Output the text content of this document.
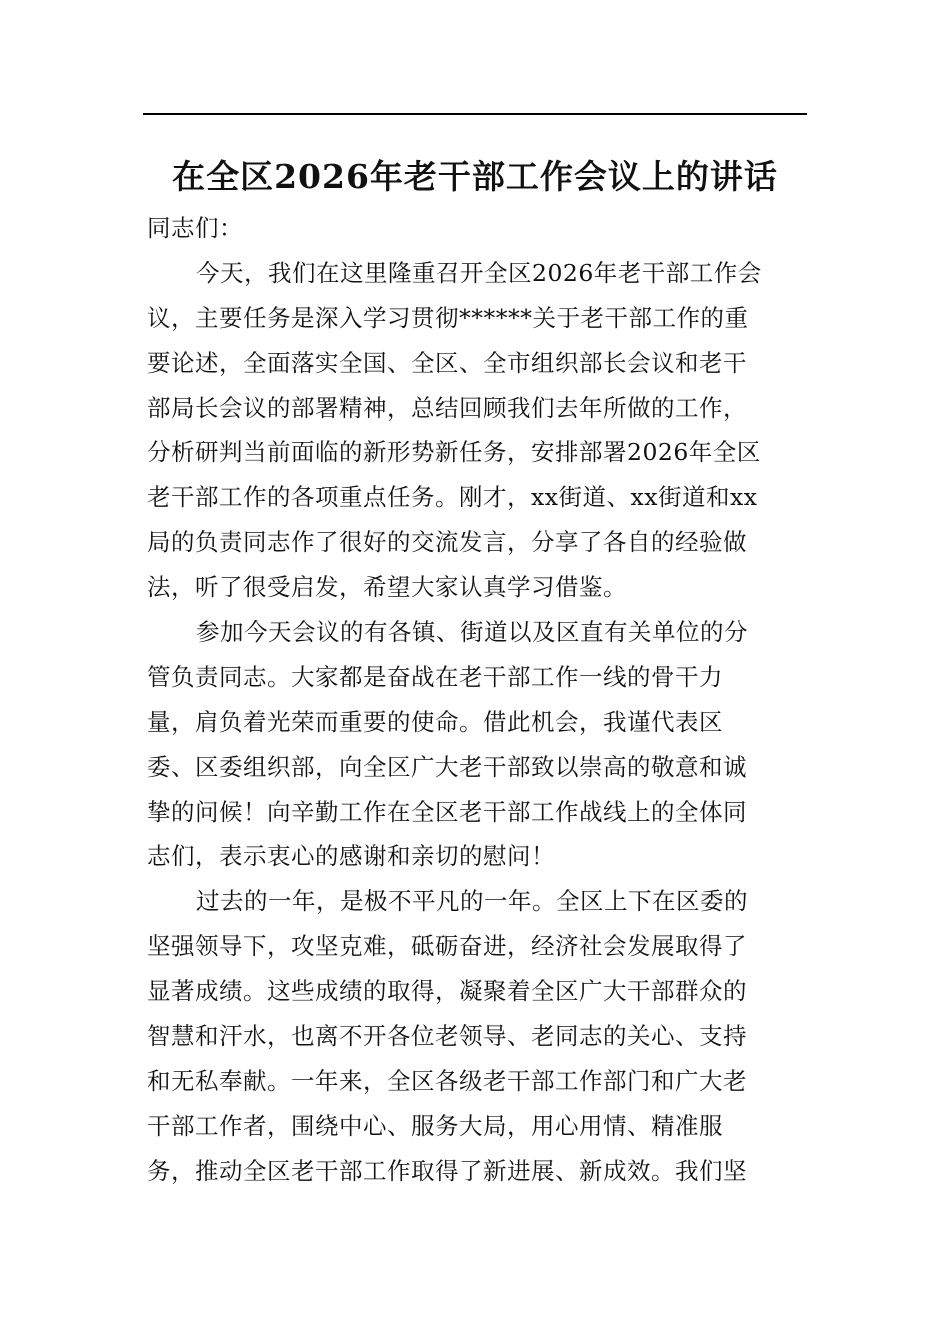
在全区2026年老干部工作会议上的讲话
同志们：
今天，我们在这里隆重召开全区2026年老干部工作会
议，主要任务是深入学习贯彻******关于老干部工作的重
要论述，全面落实全国、全区、全市组织部长会议和老干
部局长会议的部署精神，总结回顾我们去年所做的工作，
分析研判当前面临的新形势新任务，安排部署2026年全区
老干部工作的各项重点任务。刚才，xx街道、xx街道和xx
局的负责同志作了很好的交流发言，分享了各自的经验做
法，听了很受启发，希望大家认真学习借鉴。
参加今天会议的有各镇、街道以及区直有关单位的分
管负责同志。大家都是奋战在老干部工作一线的骨干力
量，肩负着光荣而重要的使命。借此机会，我谨代表区
委、区委组织部，向全区广大老干部致以崇高的敬意和诚
挚的问候！向辛勤工作在全区老干部工作战线上的全体同
志们，表示衷心的感谢和亲切的慰问！
过去的一年，是极不平凡的一年。全区上下在区委的
坚强领导下，攻坚克难，砥砺奋进，经济社会发展取得了
显著成绩。这些成绩的取得，凝聚着全区广大干部群众的
智慧和汗水，也离不开各位老领导、老同志的关心、支持
和无私奉献。一年来，全区各级老干部工作部门和广大老
干部工作者，围绕中心、服务大局，用心用情、精准服
务，推动全区老干部工作取得了新进展、新成效。我们坚
